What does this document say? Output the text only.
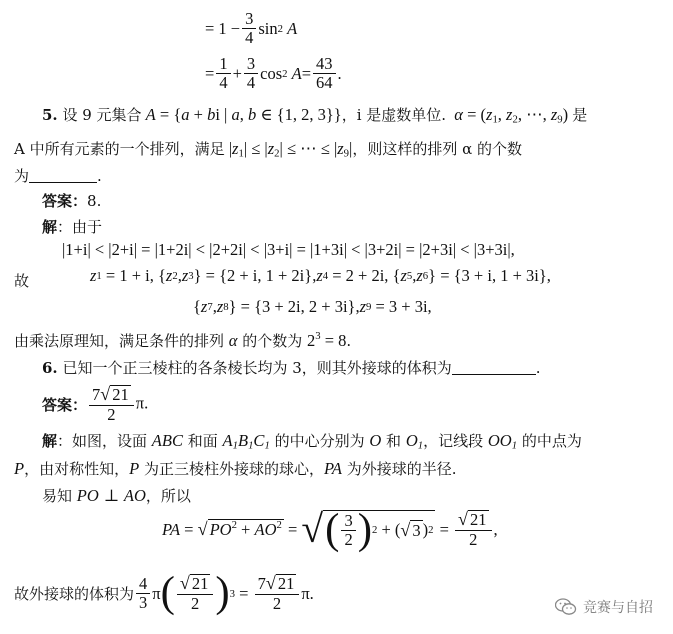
= $1 - \frac{3}{4}$ sin 2
A
= $\frac{1}{4} + \frac{3}{4}$ cos 2
$A = \frac{43}{64}$ .
5.
设 9 元集合 A = {a + bi | a, b ∈ {1, 2, 3}} ，i 是虚数单位. $\alpha = (z_1$, $z_2$, ⋯, $z_9$) 是
A 中所有元素的一个排列，满足 $|z_1| \le |z_2|$ ≤ ⋯ ≤ $|z_9|$ ，则这样的排列 α 的个数
为	.
答案： 8 .
解 ：由于
|1+i| < |2+i| = |1+2i| < |2+2i| < |3+i| = |1+3i| < |3+2i| = |2+3i| < |3+3i|,
故	z 1 = 1 + i, { z 2 , z 3 } = {2 + i, 1 + 2i}, z 4 = 2 + 2i, { z 5 , z 6 } = {3 + i, 1 + 3i},
{ z 7 , z 8 } = {3 + 2i, 2 + 3i}, z 9 = 3 + 3i,
由乘法原理知，满足条件的排列 α 的个数为 $2^3 = 8$ .
6.
已知一个正三棱柱的各条棱长均为 3，则其外接球的体积为	.
答案： $\frac{7 √ 21}{2} \pi$.
解 ：如图，设面 ABC 和面 $A_1B_1C_1$ 的中心分别为 O 和 $O_1$ ，记线段 $OO_1$ 的中点为
P ，由对称性知， P 为正三棱柱外接球的球心， PA 为外接球的半径.
易知 PO
⊥
AO ，所以
PA = √ $PO^2 + AO^2$ = √ ( $\frac{3}{2}$ ) 2 + ( √ 3 ) $2 = \frac{√ 21}{2}$ ,
故外接球的体积为 $\frac{4}{3}$ π ( $\frac{√ 21}{2}$ ) $3 = \frac{7 √ 21}{2} \pi$.
竞赛与自招
